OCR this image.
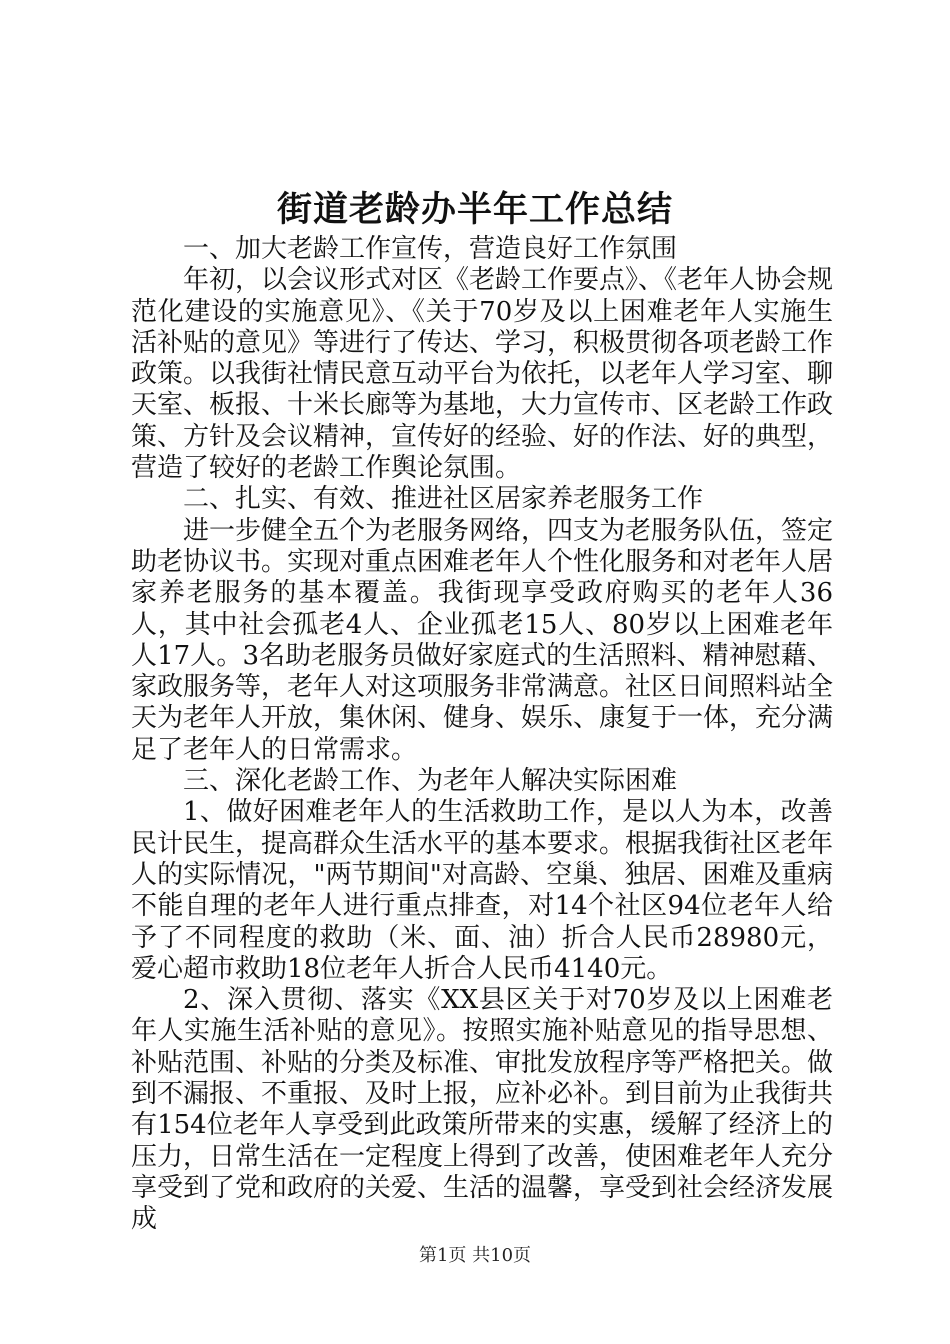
街道老龄办半年工作总结

一、加大老龄工作宣传，营造良好工作氛围

年初，以会议形式对区《老龄工作要点》、《老年人协会规范化建设的实施意见》、《关于70岁及以上困难老年人实施生活补贴的意见》等进行了传达、学习，积极贯彻各项老龄工作政策。以我街社情民意互动平台为依托，以老年人学习室、聊天室、板报、十米长廊等为基地，大力宣传市、区老龄工作政策、方针及会议精神，宣传好的经验、好的作法、好的典型，营造了较好的老龄工作舆论氛围。

二、扎实、有效、推进社区居家养老服务工作

进一步健全五个为老服务网络，四支为老服务队伍，签定助老协议书。实现对重点困难老年人个性化服务和对老年人居家养老服务的基本覆盖。我街现享受政府购买的老年人36人，其中社会孤老4人、企业孤老15人、80岁以上困难老年人17人。3名助老服务员做好家庭式的生活照料、精神慰藉、家政服务等，老年人对这项服务非常满意。社区日间照料站全天为老年人开放，集休闲、健身、娱乐、康复于一体，充分满足了老年人的日常需求。

三、深化老龄工作、为老年人解决实际困难

1、做好困难老年人的生活救助工作，是以人为本，改善民计民生，提高群众生活水平的基本要求。根据我街社区老年人的实际情况，"两节期间"对高龄、空巢、独居、困难及重病不能自理的老年人进行重点排查，对14个社区94位老年人给予了不同程度的救助（米、面、油）折合人民币28980元，爱心超市救助18位老年人折合人民币4140元。

2、深入贯彻、落实《XX县区关于对70岁及以上困难老年人实施生活补贴的意见》。按照实施补贴意见的指导思想、补贴范围、补贴的分类及标准、审批发放程序等严格把关。做到不漏报、不重报、及时上报，应补必补。到目前为止我街共有154位老年人享受到此政策所带来的实惠，缓解了经济上的压力，日常生活在一定程度上得到了改善，使困难老年人充分享受到了党和政府的关爱、生活的温馨，享受到社会经济发展成

第1页 共10页
